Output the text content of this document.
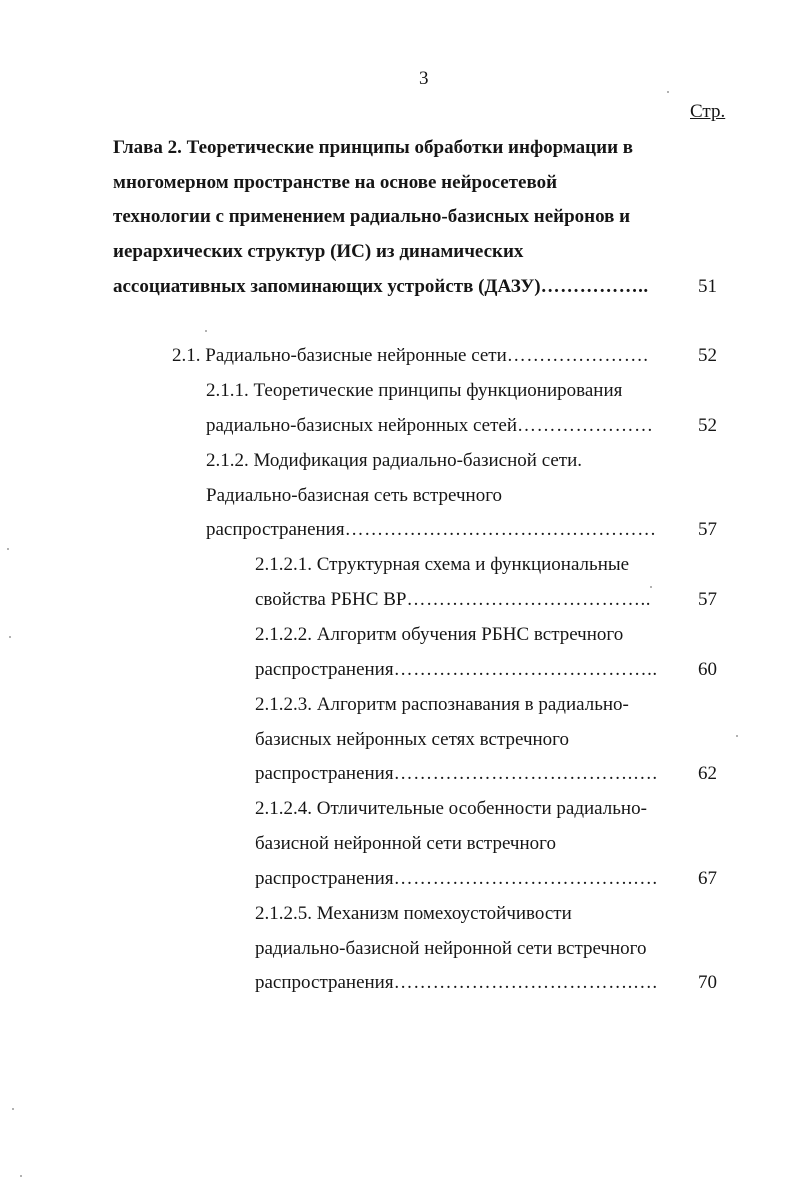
3
Стр.
Глава 2. Теоретические принципы обработки информации в
многомерном пространстве на основе нейросетевой
технологии с применением радиально-базисных нейронов и
иерархических структур (ИС) из динамических
ассоциативных запоминающих устройств (ДАЗУ)……………..	51
2.1. Радиально-базисные нейронные сети………………….	52
2.1.1. Теоретические принципы функционирования
радиально-базисных нейронных сетей………………… 52
2.1.2. Модификация радиально-базисной сети.
Радиально-базисная сеть встречного
распространения………………………………………… 57
2.1.2.1. Структурная схема и функциональные
свойства РБНС ВР……………………………….. 57
2.1.2.2. Алгоритм обучения РБНС встречного
распространения………………………………….. 60
2.1.2.3. Алгоритм распознавания в радиально-
базисных нейронных сетях встречного
распространения……………………………….…. 62
2.1.2.4. Отличительные особенности радиально-
базисной нейронной сети встречного
распространения……………………………….…. 67
2.1.2.5. Механизм помехоустойчивости
радиально-базисной нейронной сети встречного
распространения……………………………….…. 70
